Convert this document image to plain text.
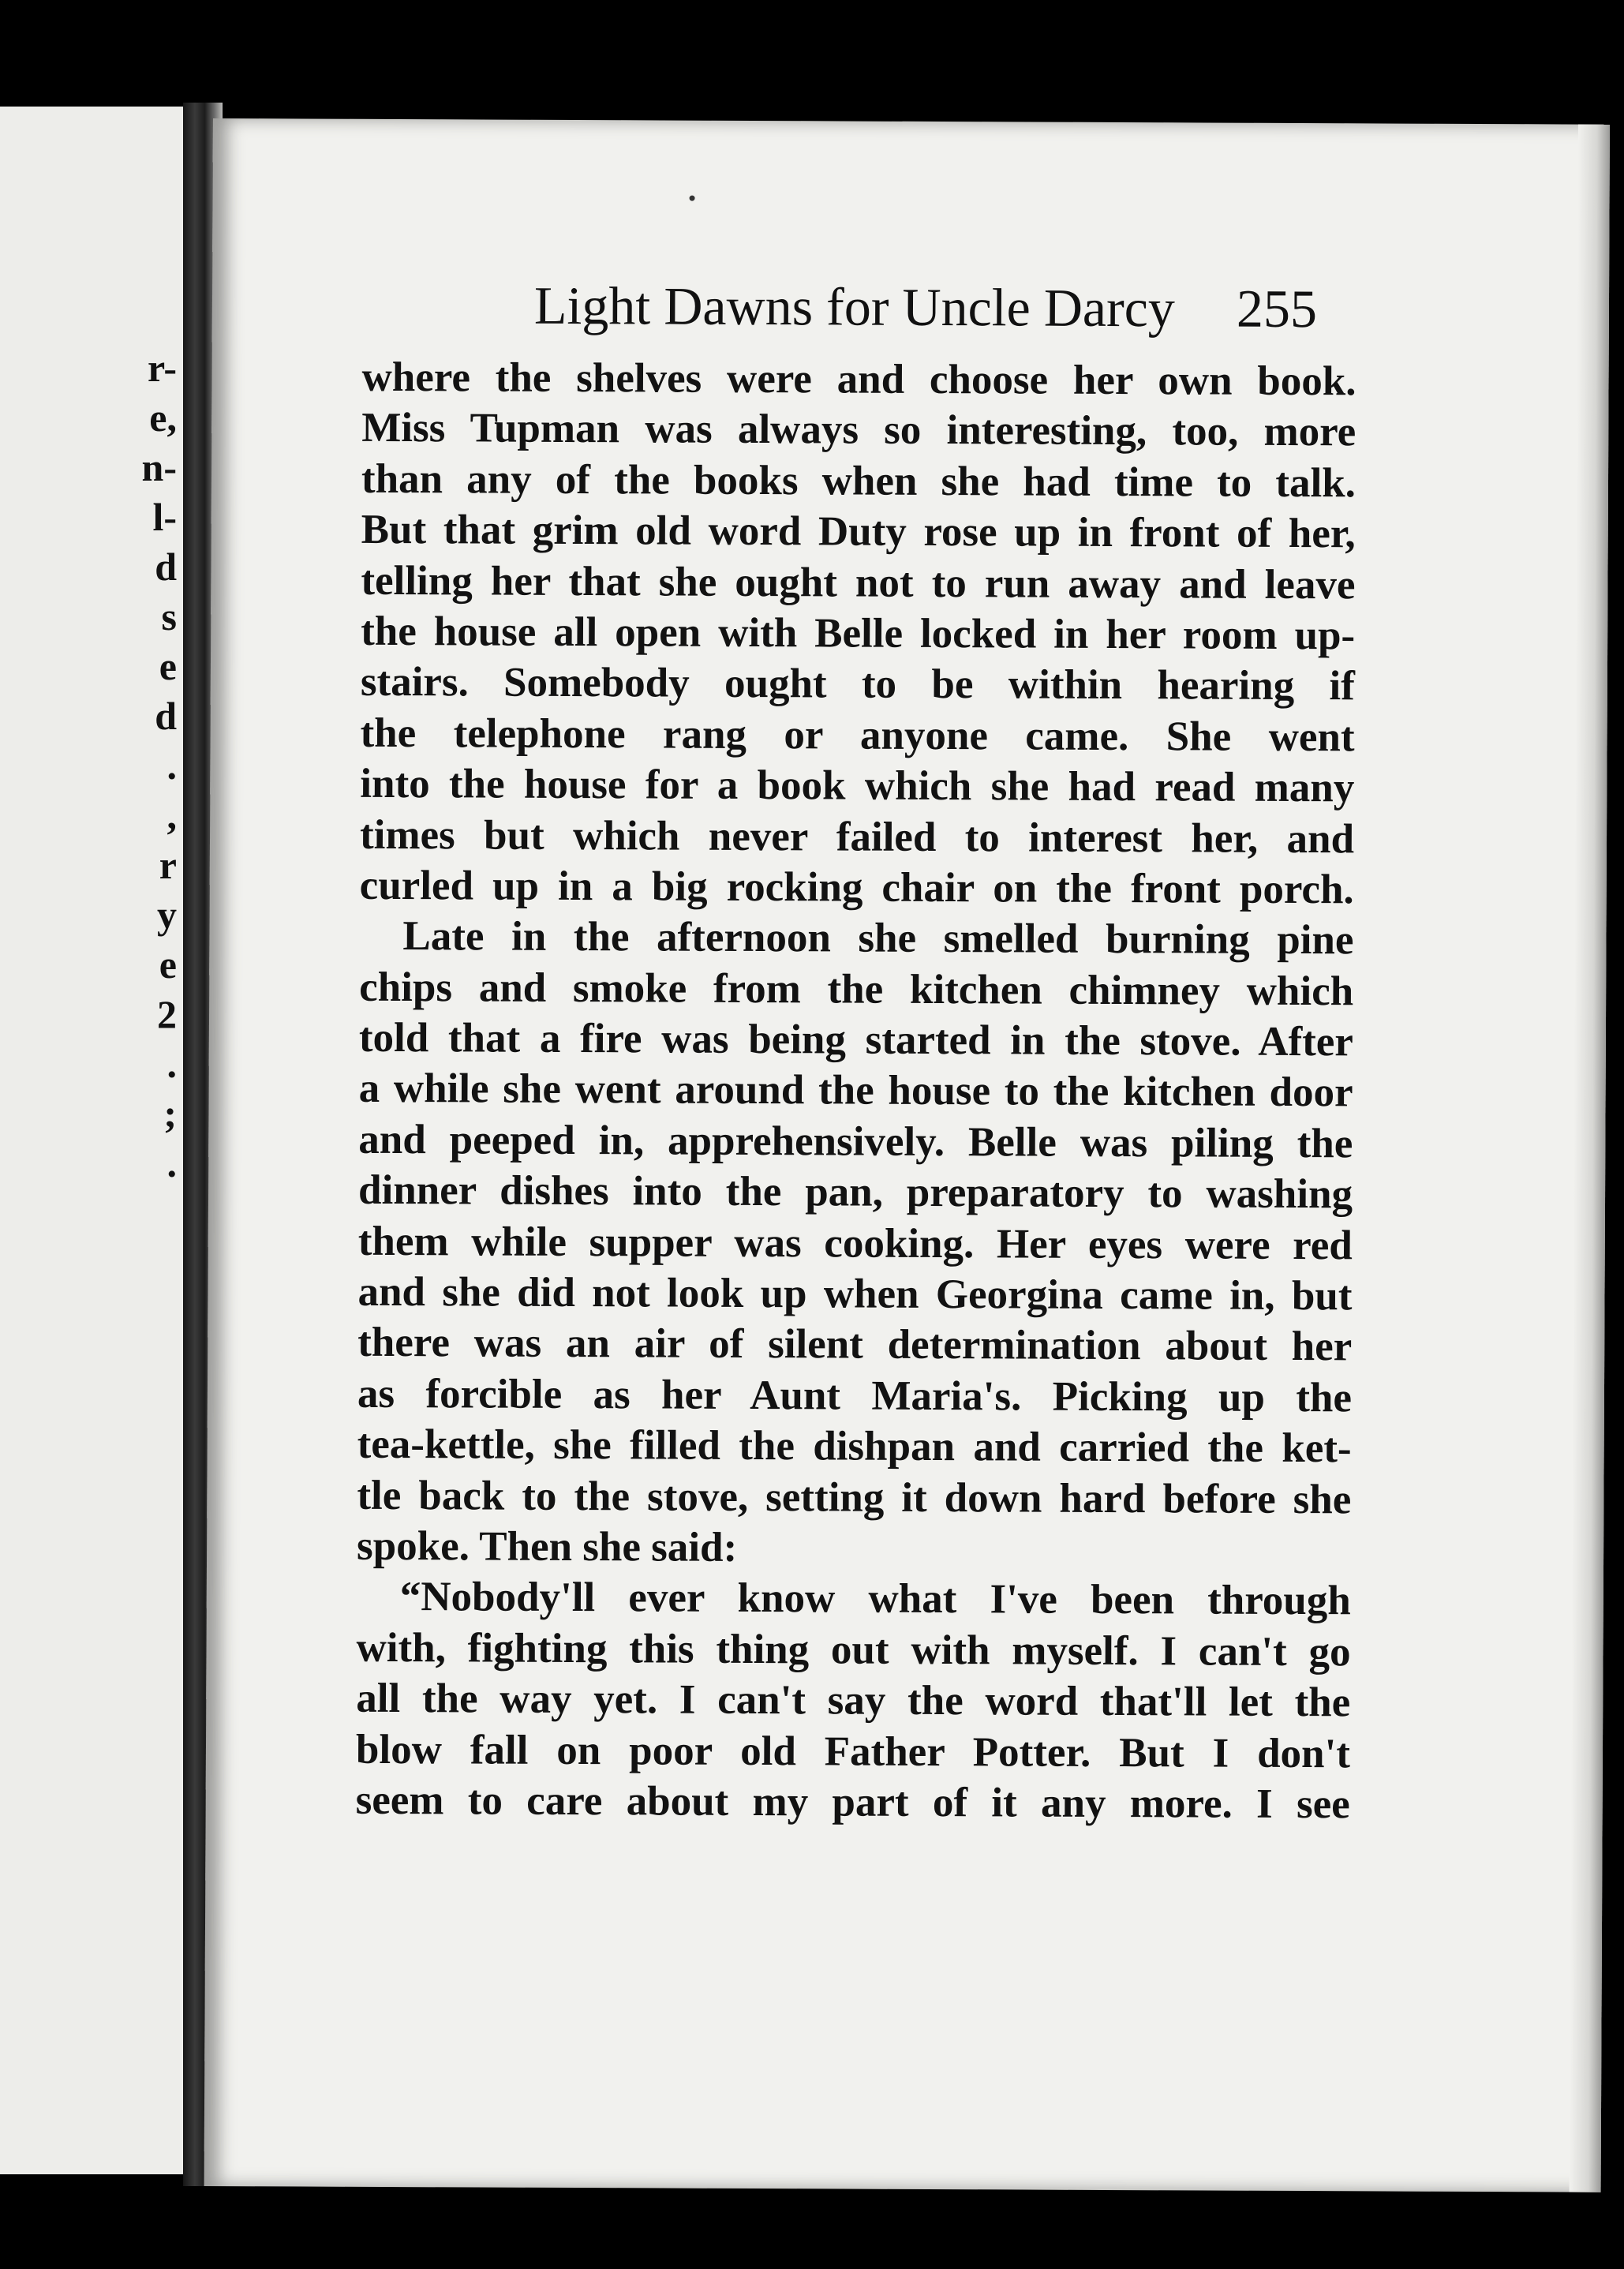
r-
e,
n-
l-
d
s
e
d
.
,
r
y
e
2
.
;
.
Light Dawns for Uncle Darcy 255
where the shelves were and choose her own book.
Miss Tupman was always so interesting, too, more
than any of the books when she had time to talk.
But that grim old word Duty rose up in front of her,
telling her that she ought not to run away and leave
the house all open with Belle locked in her room up-
stairs. Somebody ought to be within hearing if
the telephone rang or anyone came. She went
into the house for a book which she had read many
times but which never failed to interest her, and
curled up in a big rocking chair on the front porch.
Late in the afternoon she smelled burning pine
chips and smoke from the kitchen chimney which
told that a fire was being started in the stove. After
a while she went around the house to the kitchen door
and peeped in, apprehensively. Belle was piling the
dinner dishes into the pan, preparatory to washing
them while supper was cooking. Her eyes were red
and she did not look up when Georgina came in, but
there was an air of silent determination about her
as forcible as her Aunt Maria's. Picking up the
tea-kettle, she filled the dishpan and carried the ket-
tle back to the stove, setting it down hard before she
spoke. Then she said:
“Nobody'll ever know what I've been through
with, fighting this thing out with myself. I can't go
all the way yet. I can't say the word that'll let the
blow fall on poor old Father Potter. But I don't
seem to care about my part of it any more. I see
